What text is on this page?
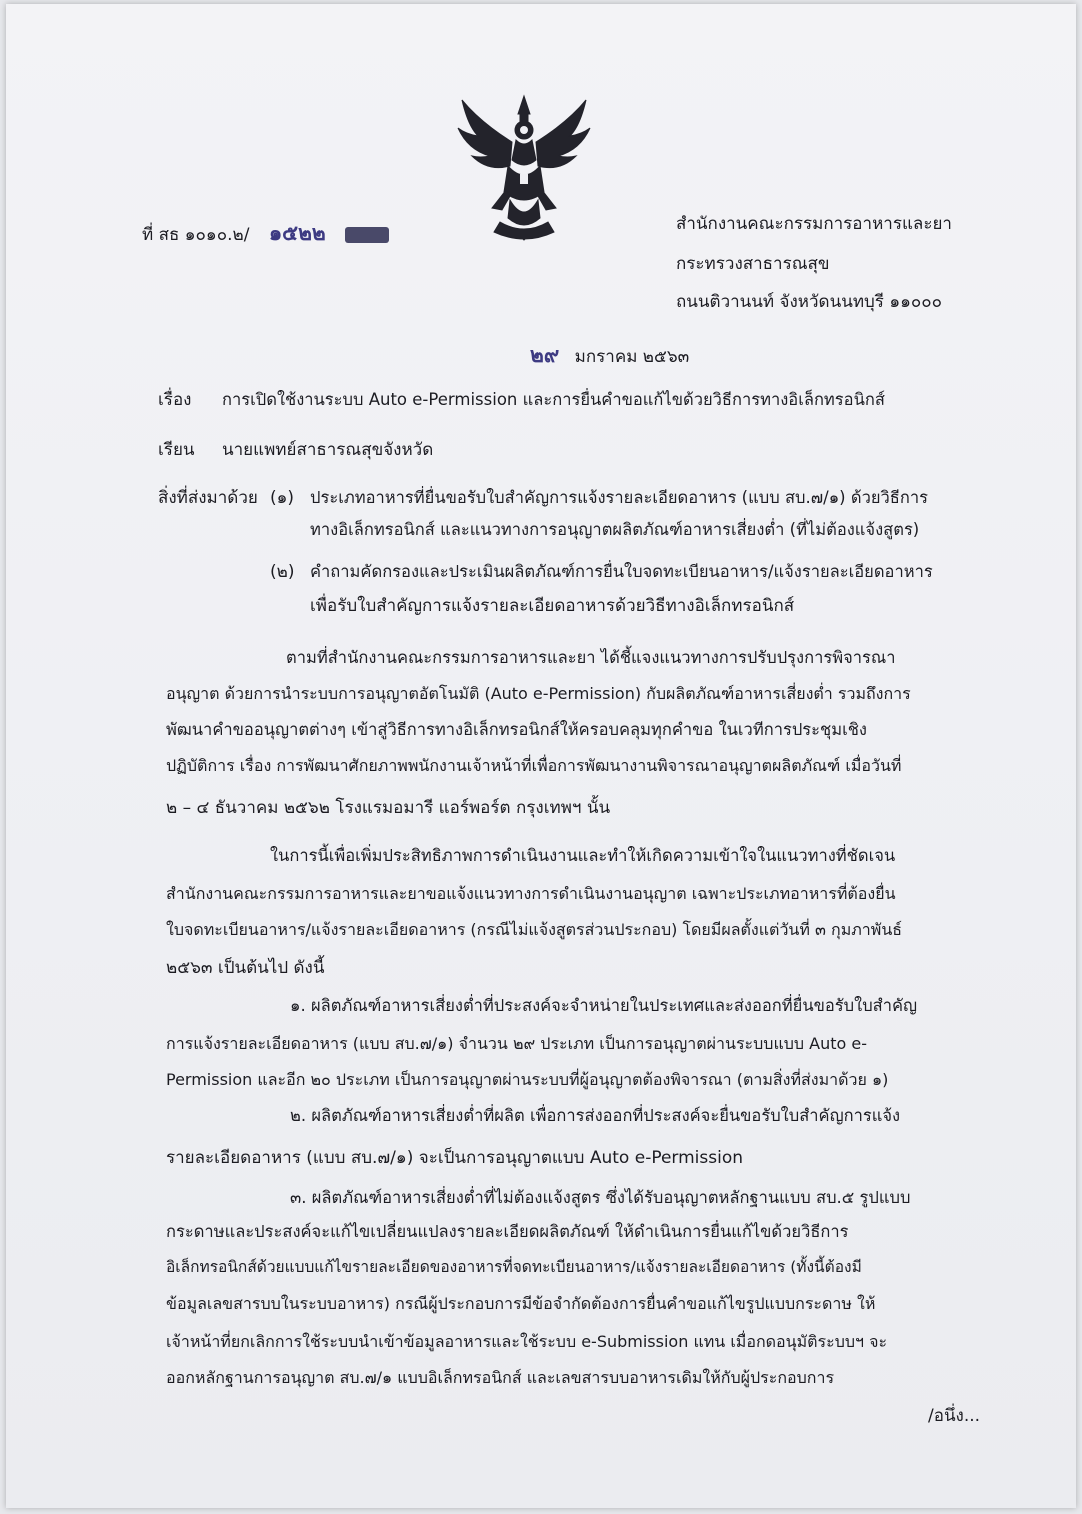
ที่ สธ ๑๐๑๐.๒/ ๑๕๒๒	สำนักงานคณะกรรมการอาหารและยา
กระทรวงสาธารณสุข
ถนนติวานนท์ จังหวัดนนทบุรี ๑๑๐๐๐
๒๙ มกราคม ๒๕๖๓
เรื่อง การเปิดใช้งานระบบ Auto e-Permission และการยื่นคำขอแก้ไขด้วยวิธีการทางอิเล็กทรอนิกส์
เรียน นายแพทย์สาธารณสุขจังหวัด
สิ่งที่ส่งมาด้วย (๑) ประเภทอาหารที่ยื่นขอรับใบสำคัญการแจ้งรายละเอียดอาหาร (แบบ สบ.๗/๑) ด้วยวิธีการ
ทางอิเล็กทรอนิกส์ และแนวทางการอนุญาตผลิตภัณฑ์อาหารเสี่ยงต่ำ (ที่ไม่ต้องแจ้งสูตร)
(๒) คำถามคัดกรองและประเมินผลิตภัณฑ์การยื่นใบจดทะเบียนอาหาร/แจ้งรายละเอียดอาหาร
เพื่อรับใบสำคัญการแจ้งรายละเอียดอาหารด้วยวิธีทางอิเล็กทรอนิกส์
ตามที่สำนักงานคณะกรรมการอาหารและยา ได้ชี้แจงแนวทางการปรับปรุงการพิจารณา
อนุญาต ด้วยการนำระบบการอนุญาตอัตโนมัติ (Auto e-Permission) กับผลิตภัณฑ์อาหารเสี่ยงต่ำ รวมถึงการ
พัฒนาคำขออนุญาตต่างๆ เข้าสู่วิธีการทางอิเล็กทรอนิกส์ให้ครอบคลุมทุกคำขอ ในเวทีการประชุมเชิง
ปฏิบัติการ เรื่อง การพัฒนาศักยภาพพนักงานเจ้าหน้าที่เพื่อการพัฒนางานพิจารณาอนุญาตผลิตภัณฑ์ เมื่อวันที่
๒ – ๔ ธันวาคม ๒๕๖๒ โรงแรมอมารี แอร์พอร์ต กรุงเทพฯ นั้น
ในการนี้เพื่อเพิ่มประสิทธิภาพการดำเนินงานและทำให้เกิดความเข้าใจในแนวทางที่ชัดเจน
สำนักงานคณะกรรมการอาหารและยาขอแจ้งแนวทางการดำเนินงานอนุญาต เฉพาะประเภทอาหารที่ต้องยื่น
ใบจดทะเบียนอาหาร/แจ้งรายละเอียดอาหาร (กรณีไม่แจ้งสูตรส่วนประกอบ) โดยมีผลตั้งแต่วันที่ ๓ กุมภาพันธ์
๒๕๖๓ เป็นต้นไป ดังนี้
๑. ผลิตภัณฑ์อาหารเสี่ยงต่ำที่ประสงค์จะจำหน่ายในประเทศและส่งออกที่ยื่นขอรับใบสำคัญ
การแจ้งรายละเอียดอาหาร (แบบ สบ.๗/๑) จำนวน ๒๙ ประเภท เป็นการอนุญาตผ่านระบบแบบ Auto e-
Permission และอีก ๒๐ ประเภท เป็นการอนุญาตผ่านระบบที่ผู้อนุญาตต้องพิจารณา (ตามสิ่งที่ส่งมาด้วย ๑)
๒. ผลิตภัณฑ์อาหารเสี่ยงต่ำที่ผลิต เพื่อการส่งออกที่ประสงค์จะยื่นขอรับใบสำคัญการแจ้ง
รายละเอียดอาหาร (แบบ สบ.๗/๑) จะเป็นการอนุญาตแบบ Auto e-Permission
๓. ผลิตภัณฑ์อาหารเสี่ยงต่ำที่ไม่ต้องแจ้งสูตร ซึ่งได้รับอนุญาตหลักฐานแบบ สบ.๕ รูปแบบ
กระดาษและประสงค์จะแก้ไขเปลี่ยนแปลงรายละเอียดผลิตภัณฑ์ ให้ดำเนินการยื่นแก้ไขด้วยวิธีการ
อิเล็กทรอนิกส์ด้วยแบบแก้ไขรายละเอียดของอาหารที่จดทะเบียนอาหาร/แจ้งรายละเอียดอาหาร (ทั้งนี้ต้องมี
ข้อมูลเลขสารบบในระบบอาหาร) กรณีผู้ประกอบการมีข้อจำกัดต้องการยื่นคำขอแก้ไขรูปแบบกระดาษ ให้
เจ้าหน้าที่ยกเลิกการใช้ระบบนำเข้าข้อมูลอาหารและใช้ระบบ e-Submission แทน เมื่อกดอนุมัติระบบฯ จะ
ออกหลักฐานการอนุญาต สบ.๗/๑ แบบอิเล็กทรอนิกส์ และเลขสารบบอาหารเดิมให้กับผู้ประกอบการ
/อนึ่ง...
